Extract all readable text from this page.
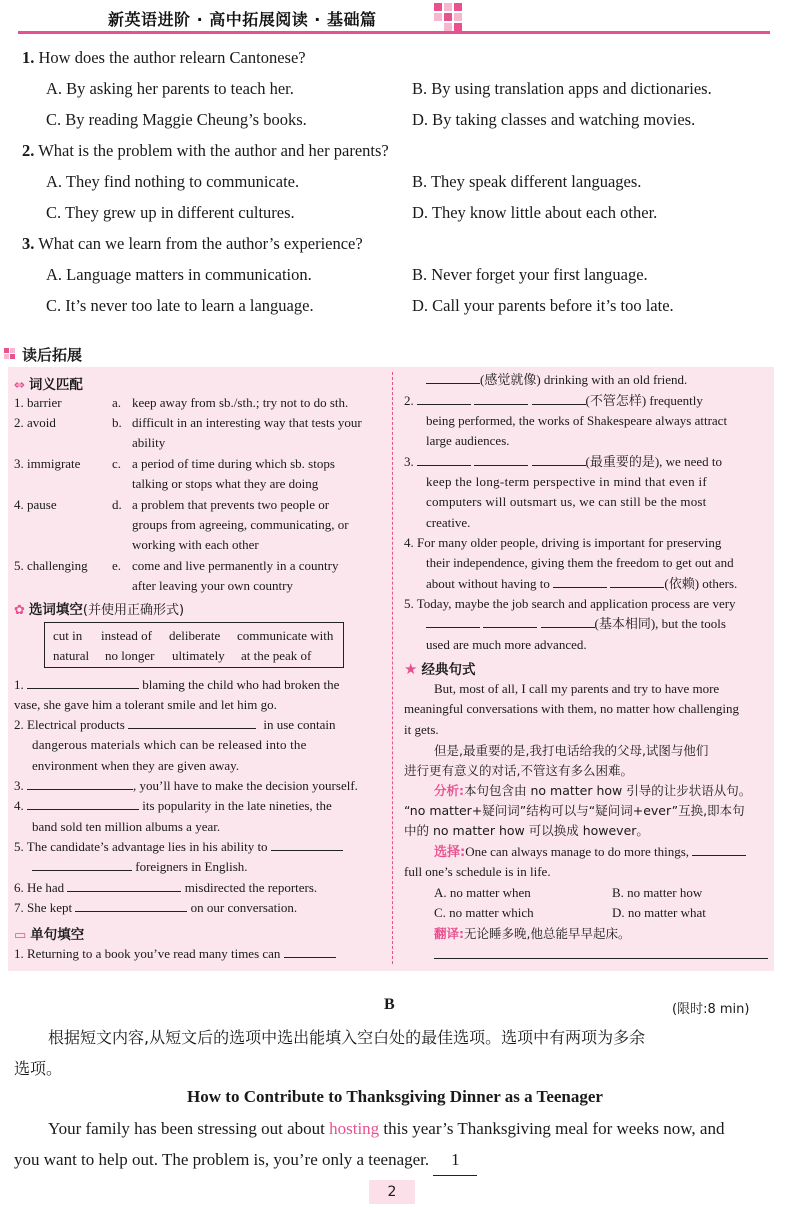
新英语进阶 · 高中拓展阅读 · 基础篇
1. How does the author relearn Cantonese?
A. By asking her parents to teach her.	B. By using translation apps and dictionaries.
C. By reading Maggie Cheung’s books.	D. By taking classes and watching movies.
2. What is the problem with the author and her parents?
A. They find nothing to communicate.	B. They speak different languages.
C. They grew up in different cultures.	D. They know little about each other.
3. What can we learn from the author’s experience?
A. Language matters in communication.	B. Never forget your first language.
C. It’s never too late to learn a language.	D. Call your parents before it’s too late.
读后拓展
⇔ 词义匹配
1. barrier	a. keep away from sb./sth.; try not to do sth.
2. avoid	b. difficult in an interesting way that tests your
ability
3. immigrate c. a period of time during which sb. stops
talking or stops what they are doing
4. pause	d. a problem that prevents two people or
groups from agreeing, communicating, or
working with each other
5. challenging e. come and live permanently in a country
after leaving your own country
✿ 选词填空(并使用正确形式)
cut in instead of deliberate communicate with
natural no longer ultimately at the peak of
1.	blaming the child who had broken the
vase, she gave him a tolerant smile and let him go.
2. Electrical products	in use contain
dangerous materials which can be released into the
environment when they are given away.
3.	, you’ll have to make the decision yourself.
4.	its popularity in the late nineties, the
band sold ten million albums a year.
5. The candidate’s advantage lies in his ability to
foreigners in English.
6. He had	misdirected the reporters.
7. She kept	on our conversation.
▭ 单句填空
1. Returning to a book you’ve read many times can
(感觉就像) drinking with an old friend.
2.	(不管怎样) frequently
being performed, the works of Shakespeare always attract
large audiences.
3.	(最重要的是), we need to
keep the long-term perspective in mind that even if
computers will outsmart us, we can still be the most
creative.
4. For many older people, driving is important for preserving
their independence, giving them the freedom to get out and
about without having to	(依赖) others.
5. Today, maybe the job search and application process are very
(基本相同), but the tools
used are much more advanced.
★ 经典句式
But, most of all, I call my parents and try to have more
meaningful conversations with them, no matter how challenging
it gets.
但是,最重要的是,我打电话给我的父母,试图与他们
进行更有意义的对话,不管这有多么困难。
分析:本句包含由 no matter how 引导的让步状语从句。
“no matter+疑问词”结构可以与“疑问词+ever”互换,即本句
中的 no matter how 可以换成 however。
选择:One can always manage to do more things,
full one’s schedule is in life.
A. no matter when	B. no matter how
C. no matter which	D. no matter what
翻译:无论睡多晚,他总能早早起床。
B	(限时:8 min)
根据短文内容,从短文后的选项中选出能填入空白处的最佳选项。选项中有两项为多余
选项。
How to Contribute to Thanksgiving Dinner as a Teenager
Your family has been stressing out about hosting this year’s Thanksgiving meal for weeks now, and
you want to help out. The problem is, you’re only a teenager. 1
2
